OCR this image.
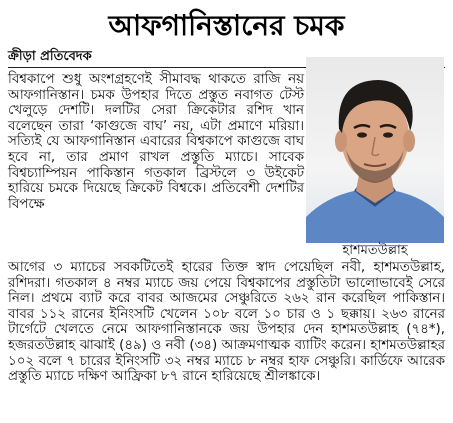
আফগানিস্তানের চমক
ক্রীড়া প্রতিবেদক
বিশ্বকাপে শুধু অংশগ্রহণেই সীমাবদ্ধ থাকতে রাজি নয় আফগানিস্তান। চমক উপহার দিতে প্রস্তুত নবাগত টেস্ট খেলুড়ে দেশটি। দলটির সেরা ক্রিকেটার রশিদ খান বলেছেন তারা ‘কাগুজে বাঘ’ নয়, এটা প্রমাণে মরিয়া। সত্যিই যে আফগানিস্তান এবারের বিশ্বকাপে কাগুজে বাঘ হবে না, তার প্রমাণ রাখল প্রস্তুতি ম্যাচে। সাবেক বিশ্বচ্যাম্পিয়ন পাকিস্তান গতকাল ব্রিস্টলে ৩ উইকেট হারিয়ে চমকে দিয়েছে ক্রিকেট বিশ্বকে। প্রতিবেশী দেশটির বিপক্ষে
হাশমতউল্লাহ
আগের ৩ ম্যাচের সবকটিতেই হারের তিক্ত স্বাদ পেয়েছিল নবী, হাশমতউল্লাহ, রশিদরা। গতকাল ৪ নম্বর ম্যাচে জয় পেয়ে বিশ্বকাপের প্রস্তুতিটা ভালোভাবেই সেরে নিল। প্রথমে ব্যাট করে বাবর আজমের সেঞ্চুরিতে ২৬২ রান করেছিল পাকিস্তান। বাবর ১১২ রানের ইনিংসটি খেলেন ১০৮ বলে ১০ চার ও ১ ছক্কায়। ২৬৩ রানের টার্গেটে খেলতে নেমে আফগানিস্তানকে জয় উপহার দেন হাশমতউল্লাহ (৭৪*), হজরতউল্লাহ ঝাঝাই (৪৯) ও নবী (৩৪) আক্রমণাত্মক ব্যাটিং করেন। হাশমতউল্লাহর ১০২ বলে ৭ চারের ইনিংসটি ৩২ নম্বর ম্যাচে ৮ নম্বর হাফ সেঞ্চুরি। কার্ডিফে আরেক প্রস্তুতি ম্যাচে দক্ষিণ আফ্রিকা ৮৭ রানে হারিয়েছে শ্রীলঙ্কাকে।
